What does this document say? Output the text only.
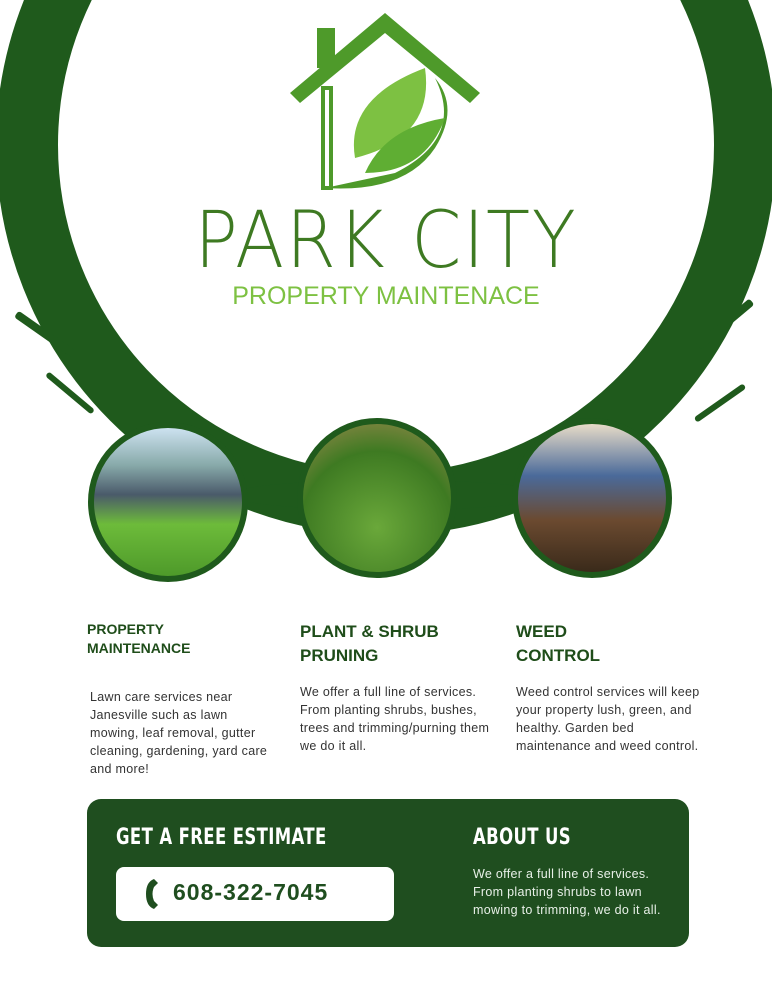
PARK CITY
PROPERTY MAINTENACE
PROPERTY
MAINTENANCE

Lawn care services near Janesville such as lawn mowing, leaf removal, gutter cleaning, gardening, yard care and more!

PLANT & SHRUB
PRUNING

We offer a full line of services. From planting shrubs, bushes, trees and trimming/purning them we do it all.

WEED
CONTROL

Weed control services will keep your property lush, green, and healthy. Garden bed maintenance and weed control.

GET A FREE ESTIMATE
608-322-7045
ABOUT US
We offer a full line of services. From planting shrubs to lawn mowing to trimming, we do it all.
